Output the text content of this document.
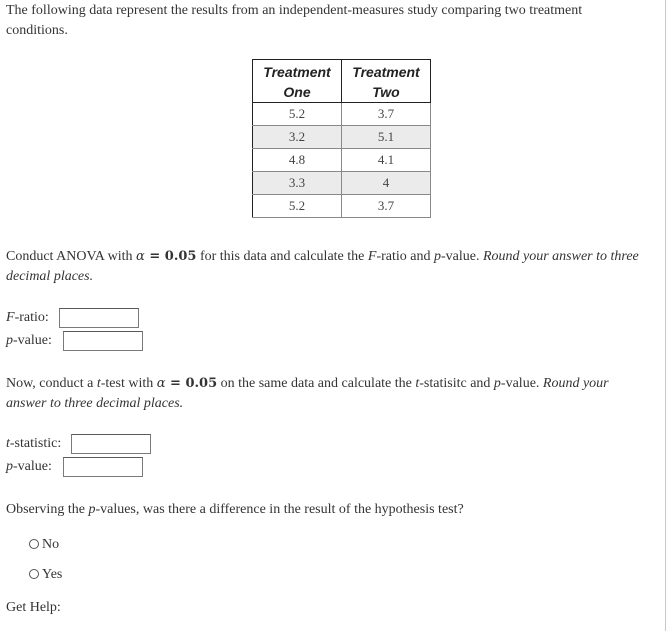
The following data represent the results from an independent-measures study comparing two treatment conditions.
Treatment	Treatment
One	Two
5.2	3.7
3.2	5.1
4.8	4.1
3.3	4
5.2	3.7
Conduct ANOVA with α = 0.05 for this data and calculate the F-ratio and p-value. Round your answer to three decimal places.
F-ratio:
p-value:
Now, conduct a t-test with α = 0.05 on the same data and calculate the t-statisitc and p-value. Round your answer to three decimal places.
t-statistic:
p-value:
Observing the p-values, was there a difference in the result of the hypothesis test?
No
Yes
Get Help:
